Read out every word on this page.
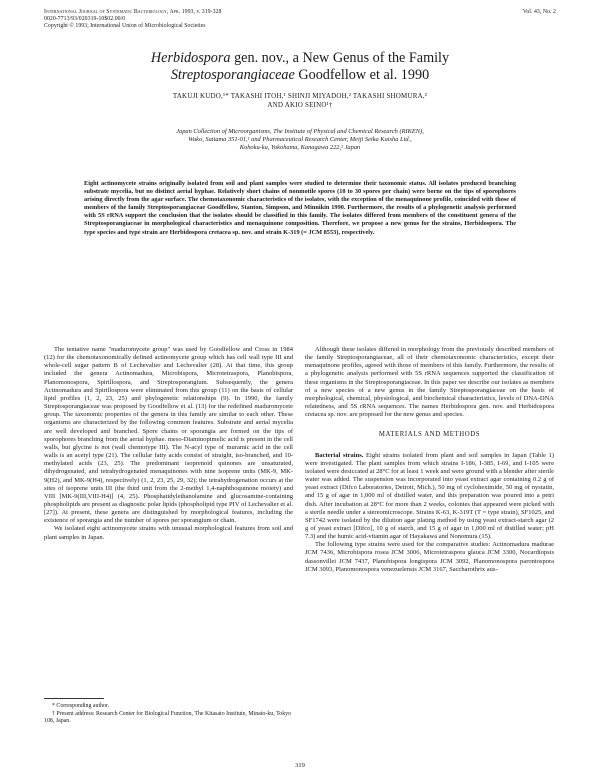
International Journal of Systematic Bacteriology, Apr. 1993, p. 319-328
0020-7713/93/020319-10$02.00/0
Copyright © 1993, International Union of Microbiological Societies
Vol. 43, No. 2
Herbidospora gen. nov., a New Genus of the Family
Streptosporangiaceae Goodfellow et al. 1990
TAKUJI KUDO,¹* TAKASHI ITOH,¹ SHINJI MIYADOH,² TAKASHI SHOMURA,²
AND AKIO SEINO¹†
Japan Collection of Microorganisms, The Institute of Physical and Chemical Research (RIKEN),
Wako, Saitama 351-01,¹ and Pharmaceutical Research Center, Meiji Seika Kaisha Ltd.,
Kohoku-ku, Yokohama, Kanagawa 222,² Japan
Eight actinomycete strains originally isolated from soil and plant samples were studied to determine their taxonomic status. All isolates produced branching substrate mycelia, but no distinct aerial hyphae. Relatively short chains of nonmotile spores (10 to 30 spores per chain) were borne on the tips of sporophores arising directly from the agar surface. The chemotaxonomic characteristics of the isolates, with the exception of the menaquinone profile, coincided with those of members of the family Streptosporangiaceae Goodfellow, Stanton, Simpson, and Minnikin 1990. Furthermore, the results of a phylogenetic analysis performed with 5S rRNA support the conclusion that the isolates should be classified in this family. The isolates differed from members of the constituent genera of the Streptosporangiaceae in morphological characteristics and menaquinone composition. Therefore, we propose a new genus for the strains, Herbidospora. The type species and type strain are Herbidospora cretacea sp. nov. and strain K-319 (= JCM 8553), respectively.

The tentative name "maduromycete group" was used by Goodfellow and Cross in 1984 (12) for the chemotaxonomically defined actinomycete group which has cell wall type III and whole-cell sugar pattern B of Lechevalier and Lechevalier (28). At that time, this group included the genera Actinomadura, Microbispora, Microtetraspora, Planobispora, Planomonospora, Spirillospora, and Streptosporangium. Subsequently, the genera Actinomadura and Spirillospora were eliminated from this group (11) on the basis of cellular lipid profiles (1, 2, 23, 25) and phylogenetic relationships (9). In 1990, the family Streptosporangiaceae was proposed by Goodfellow et al. (13) for the redefined maduromycete group. The taxonomic properties of the genera in this family are similar to each other. These organisms are characterized by the following common features. Substrate and aerial mycelia are well developed and branched. Spore chains or sporangia are formed on the tips of sporophores branching from the aerial hyphae. meso-Diaminopimelic acid is present in the cell walls, but glycine is not (wall chemotype III). The N-acyl type of muramic acid in the cell walls is an acetyl type (21). The cellular fatty acids consist of straight, iso-branched, and 10-methylated acids (23, 25). The predominant isoprenoid quinones are unsaturated, dihydrogenated, and tetrahydrogenated menaquinones with nine isoprene units (MK-9, MK-9(H2), and MK-9(H4), respectively) (1, 2, 23, 25, 29, 32); the tetrahydrogenation occurs at the sites of isoprene units III (the third unit from the 2-methyl 1,4-naphthoquinone moiety) and VIII [MK-9(III,VIII-H4)] (4, 25). Phosphatidylethanolamine and glucosamine-containing phospholipids are present as diagnostic polar lipids (phospholipid type PIV of Lechevalier et al. [27]). At present, these genera are distinguished by morphological features, including the existence of sporangia and the number of spores per sporangium or chain.

We isolated eight actinomycete strains with unusual morphological features from soil and plant samples in Japan.

Although these isolates differed in morphology from the previously described members of the family Streptosporangiaceae, all of their chemotaxonomic characteristics, except their menaquinone profiles, agreed with those of members of this family. Furthermore, the results of a phylogenetic analysis performed with 5S rRNA sequences supported the classification of these organisms in the Streptosporangiaceae. In this paper we describe our isolates as members of a new species of a new genus in the family Streptosporangiaceae on the basis of morphological, chemical, physiological, and biochemical characteristics, levels of DNA-DNA relatedness, and 5S rRNA sequences. The names Herbidospora gen. nov. and Herbidospora cretacea sp. nov. are proposed for the new genus and species.

MATERIALS AND METHODS

Bacterial strains. Eight strains isolated from plant and soil samples in Japan (Table 1) were investigated. The plant samples from which strains I-186, I-385, I-69, and I-105 were isolated were desiccated at 28°C for at least 1 week and were ground with a blender after sterile water was added. The suspension was incorporated into yeast extract agar containing 0.2 g of yeast extract (Difco Laboratories, Detroit, Mich.), 50 mg of cycloheximide, 50 mg of nystatin, and 15 g of agar in 1,000 ml of distilled water, and this preparation was poured into a petri dish. After incubation at 28°C for more than 2 weeks, colonies that appeared were picked with a sterile needle under a stereomicroscope. Strains K-63, K-319T (T = type strain), SF1025, and SF1742 were isolated by the dilution agar plating method by using yeast extract-starch agar (2 g of yeast extract [Difco], 10 g of starch, and 15 g of agar in 1,000 ml of distilled water; pH 7.3) and the humic acid-vitamin agar of Hayakawa and Nonomura (15).

The following type strains were used for the comparative studies: Actinomadura madurae JCM 7436, Microbispora rosea JCM 3006, Microtetraspora glauca JCM 3300, Nocardiopsis dassonvillei JCM 7437, Planobispora longispora JCM 3092, Planomonospora parontospora JCM 3093, Planomonospora venezuelensis JCM 3167, Saccharothrix aus-

* Corresponding author.

† Present address: Research Center for Biological Function, The Kitasato Institute, Minato-ku, Tokyo 108, Japan.

319
